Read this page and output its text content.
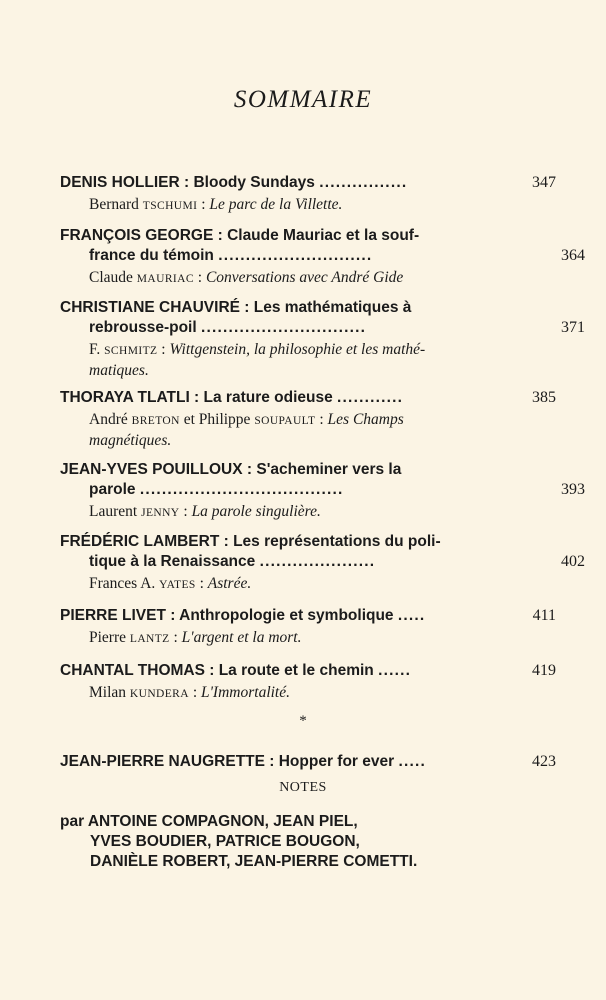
SOMMAIRE
DENIS HOLLIER : Bloody Sundays ................	347
Bernard TSCHUMI : Le parc de la Villette.
FRANÇOIS GEORGE : Claude Mauriac et la souf-
france du témoin ............................	364
Claude MAURIAC : Conversations avec André Gide
CHRISTIANE CHAUVIRÉ : Les mathématiques à
rebrousse-poil ..............................	371
F. SCHMITZ : Wittgenstein, la philosophie et les mathé- matiques.
THORAYA TLATLI : La rature odieuse ............	385
André BRETON et Philippe SOUPAULT : Les Champs magnétiques.
JEAN-YVES POUILLOUX : S'acheminer vers la
parole .....................................	393
Laurent JENNY : La parole singulière.
FRÉDÉRIC LAMBERT : Les représentations du poli-
tique à la Renaissance .....................	402
Frances A. YATES : Astrée.
PIERRE LIVET : Anthropologie et symbolique .....	411
Pierre LANTZ : L'argent et la mort.
CHANTAL THOMAS : La route et le chemin ......	419
Milan KUNDERA : L'Immortalité.
*
JEAN-PIERRE NAUGRETTE : Hopper for ever .....	423
NOTES
par ANTOINE COMPAGNON, JEAN PIEL,
YVES BOUDIER, PATRICE BOUGON,
DANIÈLE ROBERT, JEAN-PIERRE COMETTI.
